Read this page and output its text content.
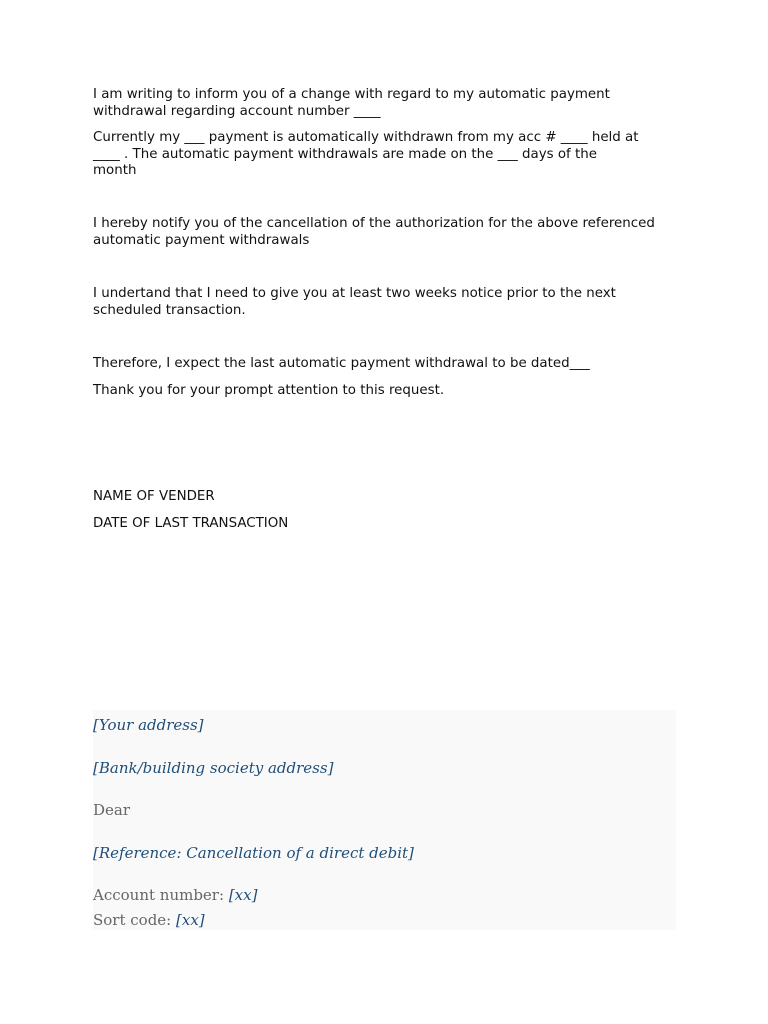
I am writing to inform you of a change with regard to my automatic payment withdrawal regarding account number ____

Currently my ___ payment is automatically withdrawn from my acc # ____ held at
____ . The automatic payment withdrawals are made on the ___ days of the
month

I hereby notify you of the cancellation of the authorization for the above referenced automatic payment withdrawals

I undertand that I need to give you at least two weeks notice prior to the next scheduled transaction.

Therefore, I expect the last automatic payment withdrawal to be dated___

Thank you for your prompt attention to this request.

NAME OF VENDER

DATE OF LAST TRANSACTION

[Your address]

[Bank/building society address]

Dear

[Reference: Cancellation of a direct debit]

Account number: [xx]

Sort code: [xx]
